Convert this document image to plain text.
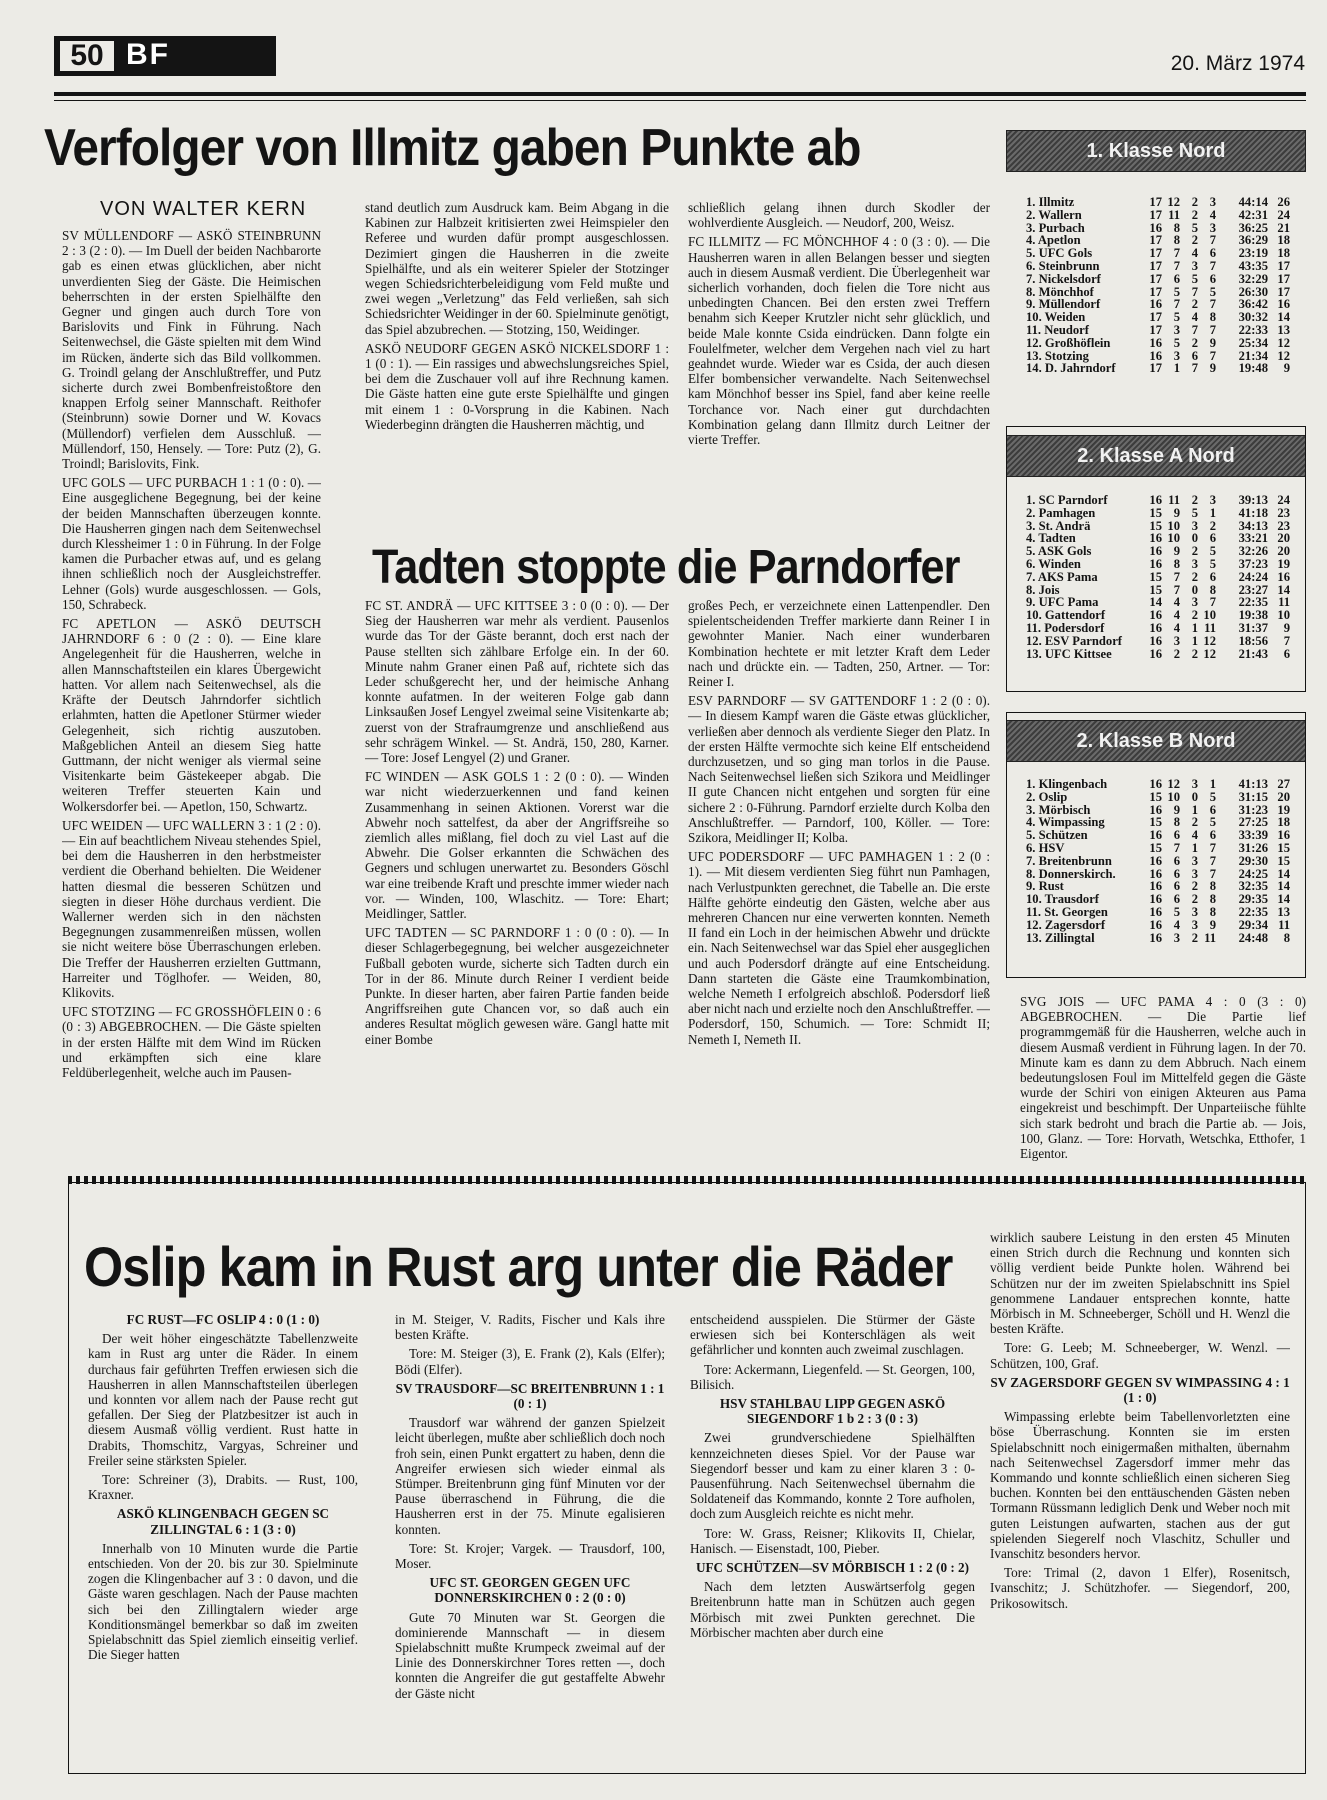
50 BF	20. März 1974
Verfolger von Illmitz gaben Punkte ab
VON WALTER KERN

SV MÜLLENDORF — ASKÖ STEINBRUNN 2 : 3 (2 : 0). — Im Duell der beiden Nachbarorte gab es einen etwas glücklichen, aber nicht unverdienten Sieg der Gäste. Die Heimischen beherrschten in der ersten Spielhälfte den Gegner und gingen auch durch Tore von Barislovits und Fink in Führung. Nach Seitenwechsel, die Gäste spielten mit dem Wind im Rücken, änderte sich das Bild vollkommen. G. Troindl gelang der Anschlußtreffer, und Putz sicherte durch zwei Bombenfreistoßtore den knappen Erfolg seiner Mannschaft. Reithofer (Steinbrunn) sowie Dorner und W. Kovacs (Müllendorf) verfielen dem Ausschluß. — Müllendorf, 150, Hensely. — Tore: Putz (2), G. Troindl; Barislovits, Fink.

UFC GOLS — UFC PURBACH 1 : 1 (0 : 0). — Eine ausgeglichene Begegnung, bei der keine der beiden Mannschaften überzeugen konnte. Die Hausherren gingen nach dem Seitenwechsel durch Klessheimer 1 : 0 in Führung. In der Folge kamen die Purbacher etwas auf, und es gelang ihnen schließlich noch der Ausgleichstreffer. Lehner (Gols) wurde ausgeschlossen. — Gols, 150, Schrabeck.

FC APETLON — ASKÖ DEUTSCH JAHRNDORF 6 : 0 (2 : 0). — Eine klare Angelegenheit für die Hausherren, welche in allen Mannschaftsteilen ein klares Übergewicht hatten. Vor allem nach Seitenwechsel, als die Kräfte der Deutsch Jahrndorfer sichtlich erlahmten, hatten die Apetloner Stürmer wieder Gelegenheit, sich richtig auszutoben. Maßgeblichen Anteil an diesem Sieg hatte Guttmann, der nicht weniger als viermal seine Visitenkarte beim Gästekeeper abgab. Die weiteren Treffer steuerten Kain und Wolkersdorfer bei. — Apetlon, 150, Schwartz.

UFC WEIDEN — UFC WALLERN 3 : 1 (2 : 0). — Ein auf beachtlichem Niveau stehendes Spiel, bei dem die Hausherren in den herbstmeister verdient die Oberhand behielten. Die Weidener hatten diesmal die besseren Schützen und siegten in dieser Höhe durchaus verdient. Die Wallerner werden sich in den nächsten Begegnungen zusammenreißen müssen, wollen sie nicht weitere böse Überraschungen erleben. Die Treffer der Hausherren erzielten Guttmann, Harreiter und Töglhofer. — Weiden, 80, Klikovits.

UFC STOTZING — FC GROSSHÖFLEIN 0 : 6 (0 : 3) ABGEBROCHEN. — Die Gäste spielten in der ersten Hälfte mit dem Wind im Rücken und erkämpften sich eine klare Feldüberlegenheit, welche auch im Pausen-

stand deutlich zum Ausdruck kam. Beim Abgang in die Kabinen zur Halbzeit kritisierten zwei Heimspieler den Referee und wurden dafür prompt ausgeschlossen. Dezimiert gingen die Hausherren in die zweite Spielhälfte, und als ein weiterer Spieler der Stotzinger wegen Schiedsrichterbeleidigung vom Feld mußte und zwei wegen „Verletzung" das Feld verließen, sah sich Schiedsrichter Weidinger in der 60. Spielminute genötigt, das Spiel abzubrechen. — Stotzing, 150, Weidinger.

ASKÖ NEUDORF GEGEN ASKÖ NICKELSDORF 1 : 1 (0 : 1). — Ein rassiges und abwechslungsreiches Spiel, bei dem die Zuschauer voll auf ihre Rechnung kamen. Die Gäste hatten eine gute erste Spielhälfte und gingen mit einem 1 : 0-Vorsprung in die Kabinen. Nach Wiederbeginn drängten die Hausherren mächtig, und

schließlich gelang ihnen durch Skodler der wohlverdiente Ausgleich. — Neudorf, 200, Weisz.

FC ILLMITZ — FC MÖNCHHOF 4 : 0 (3 : 0). — Die Hausherren waren in allen Belangen besser und siegten auch in diesem Ausmaß verdient. Die Überlegenheit war sicherlich vorhanden, doch fielen die Tore nicht aus unbedingten Chancen. Bei den ersten zwei Treffern benahm sich Keeper Krutzler nicht sehr glücklich, und beide Male konnte Csida eindrücken. Dann folgte ein Foulelfmeter, welcher dem Vergehen nach viel zu hart geahndet wurde. Wieder war es Csida, der auch diesen Elfer bombensicher verwandelte. Nach Seitenwechsel kam Mönchhof besser ins Spiel, fand aber keine reelle Torchance vor. Nach einer gut durchdachten Kombination gelang dann Illmitz durch Leitner der vierte Treffer.

Tadten stoppte die Parndorfer

FC ST. ANDRÄ — UFC KITTSEE 3 : 0 (0 : 0). — Der Sieg der Hausherren war mehr als verdient. Pausenlos wurde das Tor der Gäste berannt, doch erst nach der Pause stellten sich zählbare Erfolge ein. In der 60. Minute nahm Graner einen Paß auf, richtete sich das Leder schußgerecht her, und der heimische Anhang konnte aufatmen. In der weiteren Folge gab dann Linksaußen Josef Lengyel zweimal seine Visitenkarte ab; zuerst von der Strafraumgrenze und anschließend aus sehr schrägem Winkel. — St. Andrä, 150, 280, Karner. — Tore: Josef Lengyel (2) und Graner.

FC WINDEN — ASK GOLS 1 : 2 (0 : 0). — Winden war nicht wiederzuerkennen und fand keinen Zusammenhang in seinen Aktionen. Vorerst war die Abwehr noch sattelfest, da aber der Angriffsreihe so ziemlich alles mißlang, fiel doch zu viel Last auf die Abwehr. Die Golser erkannten die Schwächen des Gegners und schlugen unerwartet zu. Besonders Göschl war eine treibende Kraft und preschte immer wieder nach vor. — Winden, 100, Wlaschitz. — Tore: Ehart; Meidlinger, Sattler.

UFC TADTEN — SC PARNDORF 1 : 0 (0 : 0). — In dieser Schlagerbegegnung, bei welcher ausgezeichneter Fußball geboten wurde, sicherte sich Tadten durch ein Tor in der 86. Minute durch Reiner I verdient beide Punkte. In dieser harten, aber fairen Partie fanden beide Angriffsreihen gute Chancen vor, so daß auch ein anderes Resultat möglich gewesen wäre. Gangl hatte mit einer Bombe

großes Pech, er verzeichnete einen Lattenpendler. Den spielentscheidenden Treffer markierte dann Reiner I in gewohnter Manier. Nach einer wunderbaren Kombination hechtete er mit letzter Kraft dem Leder nach und drückte ein. — Tadten, 250, Artner. — Tor: Reiner I.

ESV PARNDORF — SV GATTENDORF 1 : 2 (0 : 0). — In diesem Kampf waren die Gäste etwas glücklicher, verließen aber dennoch als verdiente Sieger den Platz. In der ersten Hälfte vermochte sich keine Elf entscheidend durchzusetzen, und so ging man torlos in die Pause. Nach Seitenwechsel ließen sich Szikora und Meidlinger II gute Chancen nicht entgehen und sorgten für eine sichere 2 : 0-Führung. Parndorf erzielte durch Kolba den Anschlußtreffer. — Parndorf, 100, Köller. — Tore: Szikora, Meidlinger II; Kolba.

UFC PODERSDORF — UFC PAMHAGEN 1 : 2 (0 : 1). — Mit diesem verdienten Sieg führt nun Pamhagen, nach Verlustpunkten gerechnet, die Tabelle an. Die erste Hälfte gehörte eindeutig den Gästen, welche aber aus mehreren Chancen nur eine verwerten konnten. Nemeth II fand ein Loch in der heimischen Abwehr und drückte ein. Nach Seitenwechsel war das Spiel eher ausgeglichen und auch Podersdorf drängte auf eine Entscheidung. Dann starteten die Gäste eine Traumkombination, welche Nemeth I erfolgreich abschloß. Podersdorf ließ aber nicht nach und erzielte noch den Anschlußtreffer. — Podersdorf, 150, Schumich. — Tore: Schmidt II; Nemeth I, Nemeth II.

SVG JOIS — UFC PAMA 4 : 0 (3 : 0) ABGEBROCHEN. — Die Partie lief programmgemäß für die Hausherren, welche auch in diesem Ausmaß verdient in Führung lagen. In der 70. Minute kam es dann zu dem Abbruch. Nach einem bedeutungslosen Foul im Mittelfeld gegen die Gäste wurde der Schiri von einigen Akteuren aus Pama eingekreist und beschimpft. Der Unparteiische fühlte sich stark bedroht und brach die Partie ab. — Jois, 100, Glanz. — Tore: Horvath, Wetschka, Etthofer, 1 Eigentor.

1. Klasse Nord
1. Illmitz	17 12 2 3	44:14 26
2. Wallern	17 11 2 4	42:31 24
3. Purbach	16 8 5 3	36:25 21
4. Apetlon	17 8 2 7	36:29 18
5. UFC Gols	17 7 4 6	23:19 18
6. Steinbrunn	17 7 3 7	43:35 17
7. Nickelsdorf	17 6 5 6	32:29 17
8. Mönchhof	17 5 7 5	26:30 17
9. Müllendorf	16 7 2 7	36:42 16
10. Weiden	17 5 4 8	30:32 14
11. Neudorf	17 3 7 7	22:33 13
12. Großhöflein	16 5 2 9	25:34 12
13. Stotzing	16 3 6 7	21:34 12
14. D. Jahrndorf	17 1 7 9	19:48	9
2. Klasse A Nord
1. SC Parndorf	16 11 2 3	39:13 24
2. Pamhagen	15 9 5 1	41:18 23
3. St. Andrä	15 10 3 2	34:13 23
4. Tadten	16 10 0 6	33:21 20
5. ASK Gols	16 9 2 5	32:26 20
6. Winden	16 8 3 5	37:23 19
7. AKS Pama	15 7 2 6	24:24 16
8. Jois	15 7 0 8	23:27 14
9. UFC Pama	14 4 3 7	22:35 11
10. Gattendorf	16 4 2 10	19:38 10
11. Podersdorf	16 4 1 11	31:37	9
12. ESV Parndorf	16 3 1 12	18:56	7
13. UFC Kittsee	16 2 2 12	21:43	6
2. Klasse B Nord
1. Klingenbach	16 12 3 1	41:13 27
2. Oslip	15 10 0 5	31:15 20
3. Mörbisch	16 9 1 6	31:23 19
4. Wimpassing	15 8 2 5	27:25 18
5. Schützen	16 6 4 6	33:39 16
6. HSV	15 7 1 7	31:26 15
7. Breitenbrunn	16 6 3 7	29:30 15
8. Donnerskirch.	16 6 3 7	24:25 14
9. Rust	16 6 2 8	32:35 14
10. Trausdorf	16 6 2 8	29:35 14
11. St. Georgen	16 5 3 8	22:35 13
12. Zagersdorf	16 4 3 9	29:34 11
13. Zillingtal	16 3 2 11	24:48	8
Oslip kam in Rust arg unter die Räder

FC RUST—FC OSLIP 4 : 0 (1 : 0)

Der weit höher eingeschätzte Tabellenzweite kam in Rust arg unter die Räder. In einem durchaus fair geführten Treffen erwiesen sich die Hausherren in allen Mannschaftsteilen überlegen und konnten vor allem nach der Pause recht gut gefallen. Der Sieg der Platzbesitzer ist auch in diesem Ausmaß völlig verdient. Rust hatte in Drabits, Thomschitz, Vargyas, Schreiner und Freiler seine stärksten Spieler.

Tore: Schreiner (3), Drabits. — Rust, 100, Kraxner.

ASKÖ KLINGENBACH GEGEN SC ZILLINGTAL 6 : 1 (3 : 0)

Innerhalb von 10 Minuten wurde die Partie entschieden. Von der 20. bis zur 30. Spielminute zogen die Klingenbacher auf 3 : 0 davon, und die Gäste waren geschlagen. Nach der Pause machten sich bei den Zillingtalern wieder arge Konditionsmängel bemerkbar so daß im zweiten Spielabschnitt das Spiel ziemlich einseitig verlief. Die Sieger hatten

in M. Steiger, V. Radits, Fischer und Kals ihre besten Kräfte.

Tore: M. Steiger (3), E. Frank (2), Kals (Elfer); Bödi (Elfer).

SV TRAUSDORF—SC BREITENBRUNN 1 : 1 (0 : 1)

Trausdorf war während der ganzen Spielzeit leicht überlegen, mußte aber schließlich doch noch froh sein, einen Punkt ergattert zu haben, denn die Angreifer erwiesen sich wieder einmal als Stümper. Breitenbrunn ging fünf Minuten vor der Pause überraschend in Führung, die die Hausherren erst in der 75. Minute egalisieren konnten.

Tore: St. Krojer; Vargek. — Trausdorf, 100, Moser.

UFC ST. GEORGEN GEGEN UFC DONNERSKIRCHEN 0 : 2 (0 : 0)

Gute 70 Minuten war St. Georgen die dominierende Mannschaft — in diesem Spielabschnitt mußte Krumpeck zweimal auf der Linie des Donnerskirchner Tores retten —, doch konnten die Angreifer die gut gestaffelte Abwehr der Gäste nicht

entscheidend ausspielen. Die Stürmer der Gäste erwiesen sich bei Konterschlägen als weit gefährlicher und konnten auch zweimal zuschlagen.

Tore: Ackermann, Liegenfeld. — St. Georgen, 100, Bilisich.

HSV STAHLBAU LIPP GEGEN ASKÖ SIEGENDORF 1 b 2 : 3 (0 : 3)

Zwei grundverschiedene Spielhälften kennzeichneten dieses Spiel. Vor der Pause war Siegendorf besser und kam zu einer klaren 3 : 0-Pausenführung. Nach Seitenwechsel übernahm die Soldateneif das Kommando, konnte 2 Tore aufholen, doch zum Ausgleich reichte es nicht mehr.

Tore: W. Grass, Reisner; Klikovits II, Chielar, Hanisch. — Eisenstadt, 100, Pieber.

UFC SCHÜTZEN—SV MÖRBISCH 1 : 2 (0 : 2)

Nach dem letzten Auswärtserfolg gegen Breitenbrunn hatte man in Schützen auch gegen Mörbisch mit zwei Punkten gerechnet. Die Mörbischer machten aber durch eine

wirklich saubere Leistung in den ersten 45 Minuten einen Strich durch die Rechnung und konnten sich völlig verdient beide Punkte holen. Während bei Schützen nur der im zweiten Spielabschnitt ins Spiel genommene Landauer entsprechen konnte, hatte Mörbisch in M. Schneeberger, Schöll und H. Wenzl die besten Kräfte.

Tore: G. Leeb; M. Schneeberger, W. Wenzl. — Schützen, 100, Graf.

SV ZAGERSDORF GEGEN SV WIMPASSING 4 : 1 (1 : 0)

Wimpassing erlebte beim Tabellenvorletzten eine böse Überraschung. Konnten sie im ersten Spielabschnitt noch einigermaßen mithalten, übernahm nach Seitenwechsel Zagersdorf immer mehr das Kommando und konnte schließlich einen sicheren Sieg buchen. Konnten bei den enttäuschenden Gästen neben Tormann Rüssmann lediglich Denk und Weber noch mit guten Leistungen aufwarten, stachen aus der gut spielenden Siegerelf noch Vlaschitz, Schuller und Ivanschitz besonders hervor.

Tore: Trimal (2, davon 1 Elfer), Rosenitsch, Ivanschitz; J. Schützhofer. — Siegendorf, 200, Prikosowitsch.
